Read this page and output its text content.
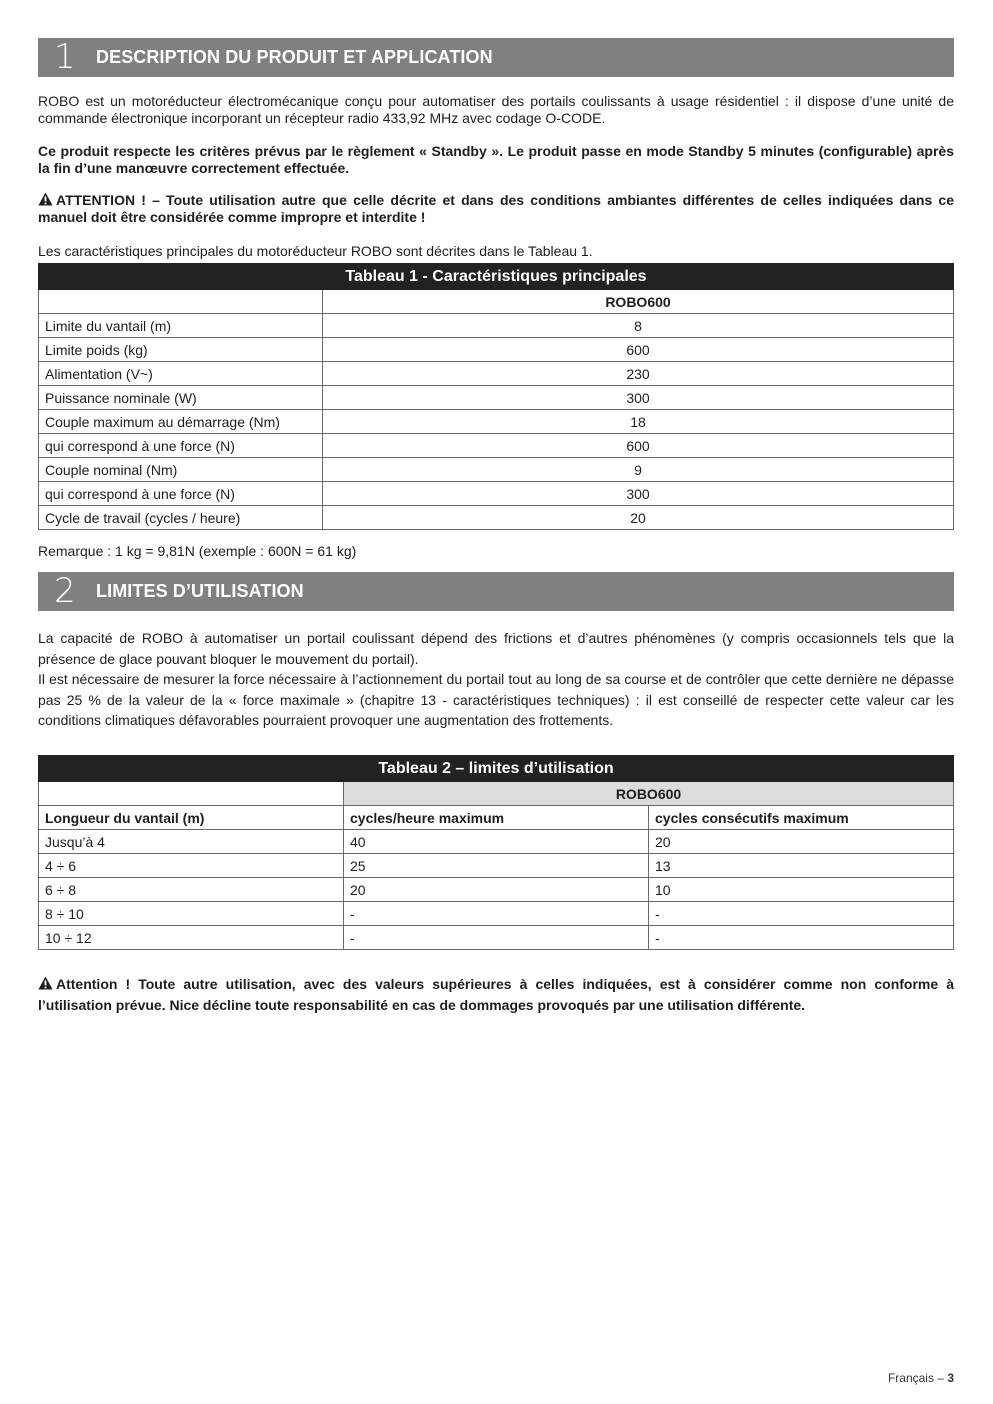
1 DESCRIPTION DU PRODUIT ET APPLICATION

ROBO est un motoréducteur électromécanique conçu pour automatiser des portails coulissants à usage résidentiel : il dispose d’une unité de commande électronique incorporant un récepteur radio 433,92 MHz avec codage O-CODE.

Ce produit respecte les critères prévus par le règlement « Standby ». Le produit passe en mode Standby 5 minutes (configurable) après la fin d’une manœuvre correctement effectuée.

ATTENTION ! – Toute utilisation autre que celle décrite et dans des conditions ambiantes différentes de celles indiquées dans ce manuel doit être considérée comme impropre et interdite !

Les caractéristiques principales du motoréducteur ROBO sont décrites dans le Tableau 1.

Tableau 1 - Caractéristiques principales	
	ROBO600
Limite du vantail (m)	8
Limite poids (kg)	600
Alimentation (V~)	230
Puissance nominale (W)	300
Couple maximum au démarrage (Nm)	18
qui correspond à une force (N)	600
Couple nominal (Nm)	9
qui correspond à une force (N)	300
Cycle de travail (cycles / heure)	20

Remarque : 1 kg = 9,81N (exemple : 600N = 61 kg)

2 LIMITES D’UTILISATION
La capacité de ROBO à automatiser un portail coulissant dépend des frictions et d’autres phénomènes (y compris occasionnels tels que la présence de glace pouvant bloquer le mouvement du portail).
Il est nécessaire de mesurer la force nécessaire à l’actionnement du portail tout au long de sa course et de contrôler que cette dernière ne dépasse pas 25 % de la valeur de la « force maximale » (chapitre 13 - caractéristiques techniques) : il est conseillé de respecter cette valeur car les conditions climatiques défavorables pourraient provoquer une augmentation des frottements.
Tableau 2 – limites d’utilisation		
	ROBO600	
Longueur du vantail (m)	cycles/heure maximum	cycles consécutifs maximum
Jusqu’à 4	40	20
4 ÷ 6	25	13
6 ÷ 8	20	10
8 ÷ 10	-	-
10 ÷ 12	-	-

Attention ! Toute autre utilisation, avec des valeurs supérieures à celles indiquées, est à considérer comme non conforme à l’utilisation prévue. Nice décline toute responsabilité en cas de dommages provoqués par une utilisation différente.

Français – 3
